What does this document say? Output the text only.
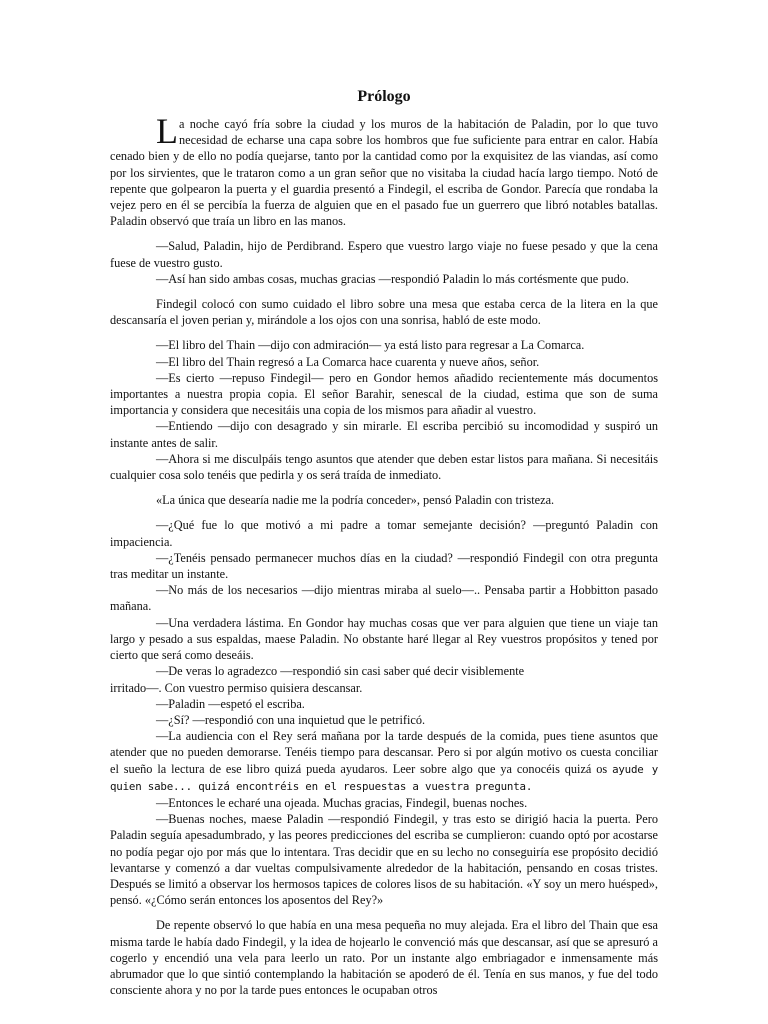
Prólogo

La noche cayó fría sobre la ciudad y los muros de la habitación de Paladin, por lo que tuvo necesidad de echarse una capa sobre los hombros que fue suficiente para entrar en calor. Había cenado bien y de ello no podía quejarse, tanto por la cantidad como por la exquisitez de las viandas, así como por los sirvientes, que le trataron como a un gran señor que no visitaba la ciudad hacía largo tiempo. Notó de repente que golpearon la puerta y el guardia presentó a Findegil, el escriba de Gondor. Parecía que rondaba la vejez pero en él se percibía la fuerza de alguien que en el pasado fue un guerrero que libró notables batallas. Paladin observó que traía un libro en las manos.

—Salud, Paladin, hijo de Perdibrand. Espero que vuestro largo viaje no fuese pesado y que la cena fuese de vuestro gusto.

—Así han sido ambas cosas, muchas gracias —respondió Paladin lo más cortésmente que pudo.

Findegil colocó con sumo cuidado el libro sobre una mesa que estaba cerca de la litera en la que descansaría el joven perian y, mirándole a los ojos con una sonrisa, habló de este modo.

—El libro del Thain —dijo con admiración— ya está listo para regresar a La Comarca.

—El libro del Thain regresó a La Comarca hace cuarenta y nueve años, señor.

—Es cierto —repuso Findegil— pero en Gondor hemos añadido recientemente más documentos importantes a nuestra propia copia. El señor Barahir, senescal de la ciudad, estima que son de suma importancia y considera que necesitáis una copia de los mismos para añadir al vuestro.

—Entiendo —dijo con desagrado y sin mirarle. El escriba percibió su incomodidad y suspiró un instante antes de salir.

—Ahora si me disculpáis tengo asuntos que atender que deben estar listos para mañana. Si necesitáis cualquier cosa solo tenéis que pedirla y os será traída de inmediato.

«La única que desearía nadie me la podría conceder», pensó Paladin con tristeza.

—¿Qué fue lo que motivó a mi padre a tomar semejante decisión? —preguntó Paladin con impaciencia.

—¿Tenéis pensado permanecer muchos días en la ciudad? —respondió Findegil con otra pregunta tras meditar un instante.

—No más de los necesarios —dijo mientras miraba al suelo—.. Pensaba partir a Hobbitton pasado mañana.

—Una verdadera lástima. En Gondor hay muchas cosas que ver para alguien que tiene un viaje tan largo y pesado a sus espaldas, maese Paladin. No obstante haré llegar al Rey vuestros propósitos y tened por cierto que será como deseáis.

—De veras lo agradezco —respondió sin casi saber qué decir visiblemente

irritado—. Con vuestro permiso quisiera descansar.

—Paladin —espetó el escriba.

—¿Sí? —respondió con una inquietud que le petrificó.

—La audiencia con el Rey será mañana por la tarde después de la comida, pues tiene asuntos que atender que no pueden demorarse. Tenéis tiempo para descansar. Pero si por algún motivo os cuesta conciliar el sueño la lectura de ese libro quizá pueda ayudaros. Leer sobre algo que ya conocéis quizá os ayude y quien sabe... quizá encontréis en el respuestas a vuestra pregunta.

—Entonces le echaré una ojeada. Muchas gracias, Findegil, buenas noches.

—Buenas noches, maese Paladin —respondió Findegil, y tras esto se dirigió hacia la puerta. Pero Paladin seguía apesadumbrado, y las peores predicciones del escriba se cumplieron: cuando optó por acostarse no podía pegar ojo por más que lo intentara. Tras decidir que en su lecho no conseguiría ese propósito decidió levantarse y comenzó a dar vueltas compulsivamente alrededor de la habitación, pensando en cosas tristes. Después se limitó a observar los hermosos tapices de colores lisos de su habitación. «Y soy un mero huésped», pensó. «¿Cómo serán entonces los aposentos del Rey?»

De repente observó lo que había en una mesa pequeña no muy alejada. Era el libro del Thain que esa misma tarde le había dado Findegil, y la idea de hojearlo le convenció más que descansar, así que se apresuró a cogerlo y encendió una vela para leerlo un rato. Por un instante algo embriagador e inmensamente más abrumador que lo que sintió contemplando la habitación se apoderó de él. Tenía en sus manos, y fue del todo consciente ahora y no por la tarde pues entonces le ocupaban otros
